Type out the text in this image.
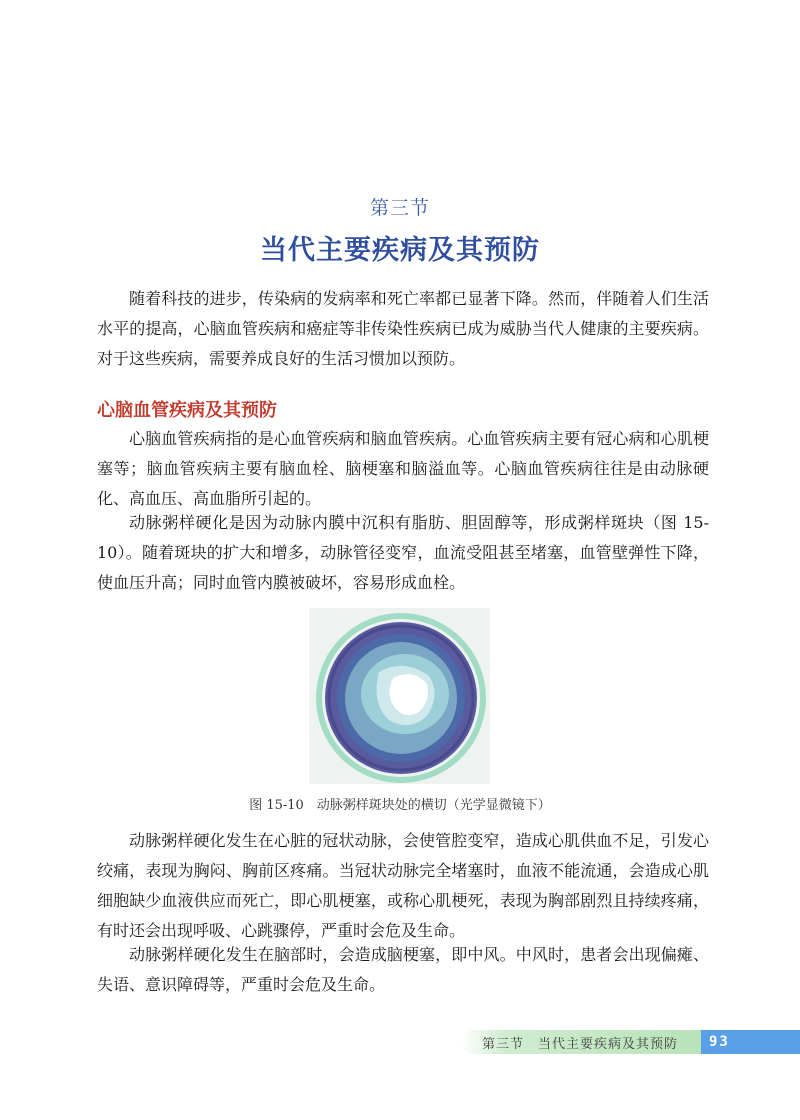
第三节
当代主要疾病及其预防

随着科技的进步，传染病的发病率和死亡率都已显著下降。然而，伴随着人们生活水平的提高，心脑血管疾病和癌症等非传染性疾病已成为威胁当代人健康的主要疾病。对于这些疾病，需要养成良好的生活习惯加以预防。

心脑血管疾病及其预防

心脑血管疾病指的是心血管疾病和脑血管疾病。心血管疾病主要有冠心病和心肌梗塞等；脑血管疾病主要有脑血栓、脑梗塞和脑溢血等。心脑血管疾病往往是由动脉硬化、高血压、高血脂所引起的。

动脉粥样硬化是因为动脉内膜中沉积有脂肪、胆固醇等，形成粥样斑块（图 15-10）。随着斑块的扩大和增多，动脉管径变窄，血流受阻甚至堵塞，血管壁弹性下降，使血压升高；同时血管内膜被破坏，容易形成血栓。

图 15-10　动脉粥样斑块处的横切（光学显微镜下）

动脉粥样硬化发生在心脏的冠状动脉，会使管腔变窄，造成心肌供血不足，引发心绞痛，表现为胸闷、胸前区疼痛。当冠状动脉完全堵塞时，血液不能流通，会造成心肌细胞缺少血液供应而死亡，即心肌梗塞，或称心肌梗死，表现为胸部剧烈且持续疼痛，有时还会出现呼吸、心跳骤停，严重时会危及生命。

动脉粥样硬化发生在脑部时，会造成脑梗塞，即中风。中风时，患者会出现偏瘫、失语、意识障碍等，严重时会危及生命。

第三节　当代主要疾病及其预防	93
